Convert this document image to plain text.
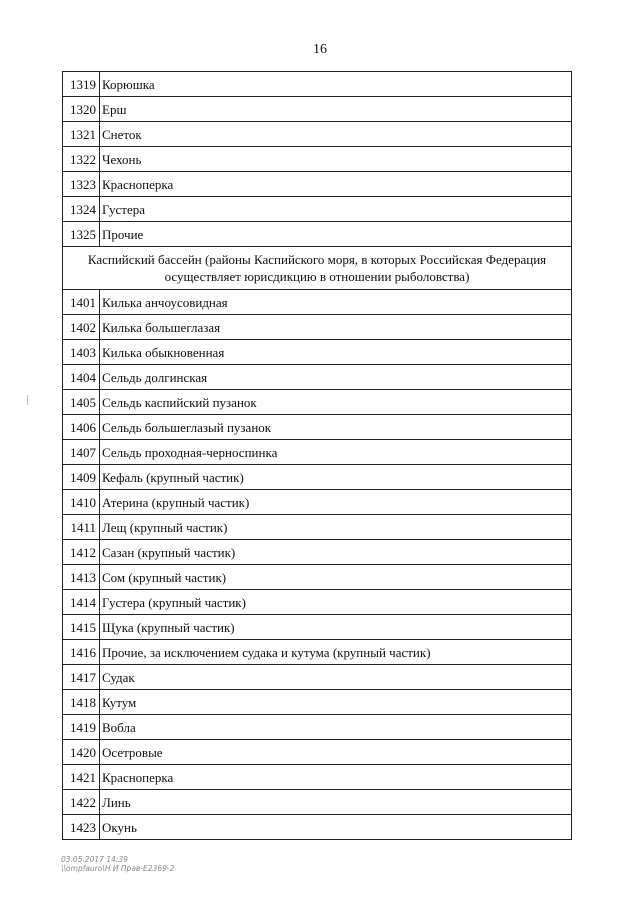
16
1319	Корюшка
1320	Ерш
1321	Снеток
1322	Чехонь
1323	Красноперка
1324	Густера
1325	Прочие
Каспийский бассейн (районы Каспийского моря, в которых Российская Федерация осуществляет юрисдикцию в отношении рыболовства)	
1401	Килька анчоусовидная
1402	Килька большеглазая
1403	Килька обыкновенная
1404	Сельдь долгинская
1405	Сельдь каспийский пузанок
1406	Сельдь большеглазый пузанок
1407	Сельдь проходная-черноспинка
1409	Кефаль (крупный частик)
1410	Атерина (крупный частик)
1411	Лещ (крупный частик)
1412	Сазан (крупный частик)
1413	Сом (крупный частик)
1414	Густера (крупный частик)
1415	Щука (крупный частик)
1416	Прочие, за исключением судака и кутума (крупный частик)
1417	Судак
1418	Кутум
1419	Вобла
1420	Осетровые
1421	Красноперка
1422	Линь
1423	Окунь
03.05.2017 14:39
\\ompfauro\Н И Прав-Е2369-2
